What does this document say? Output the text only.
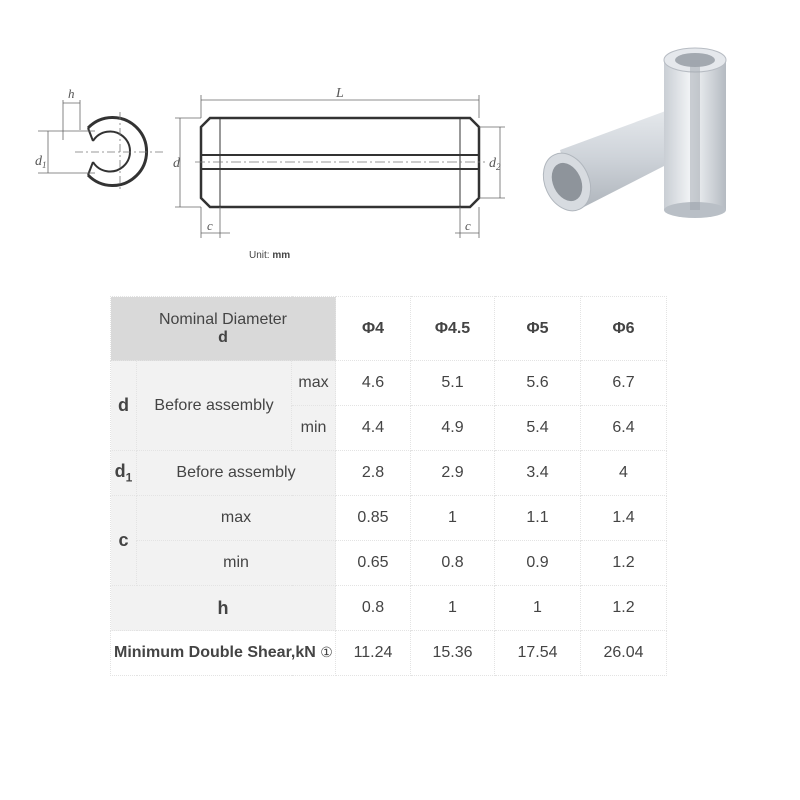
h
$d_1$
L
d	$d_2$
c	c
Unit: mm
Nominal Diameter
d			Φ4	Φ4.5	Φ5	Φ6
d	Before assembly	max	4.6	5.1	5.6	6.7
		min	4.4	4.9	5.4	6.4
$d_1$	Before assembly		2.8	2.9	3.4	4
c	max		0.85	1	1.1	1.4
	min		0.65	0.8	0.9	1.2
h			0.8	1	1	1.2
Minimum Double Shear,kN ①			11.24	15.36	17.54	26.04
